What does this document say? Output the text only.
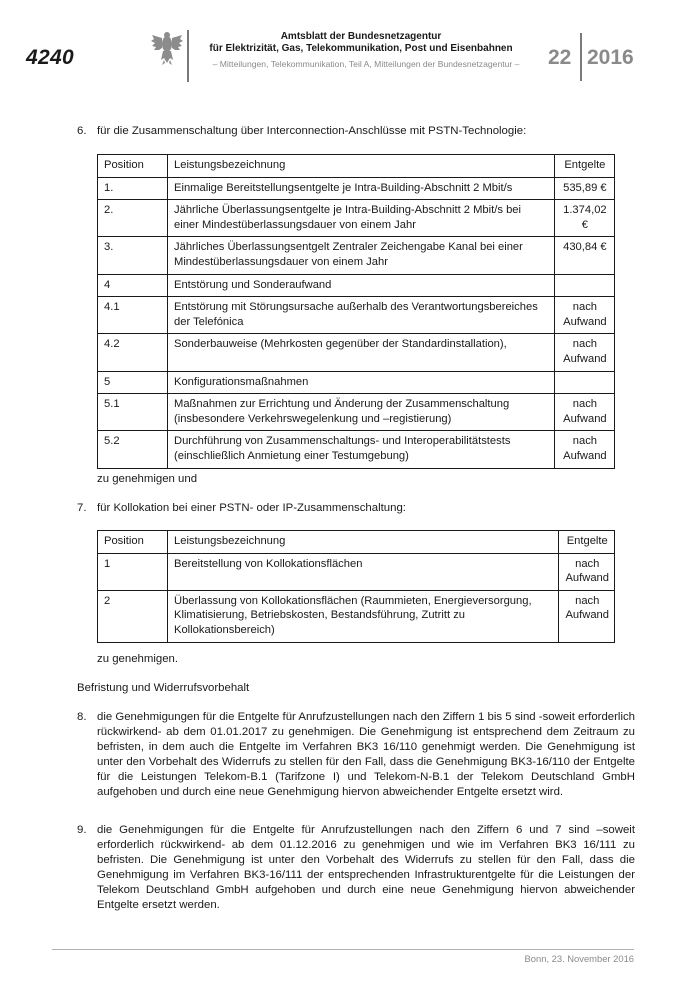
4240
Amtsblatt der Bundesnetzagentur
für Elektrizität, Gas, Telekommunikation, Post und Eisenbahnen
– Mitteilungen, Telekommunikation, Teil A, Mitteilungen der Bundesnetzagentur –	22 2016
6. für die Zusammenschaltung über Interconnection-Anschlüsse mit PSTN-Technologie:
Position	Leistungsbezeichnung	Entgelte
1.	Einmalige Bereitstellungsentgelte je Intra-Building-Abschnitt 2 Mbit/s	535,89 €

2.	Jährliche Überlassungsentgelte je Intra-Building-Abschnitt 2 Mbit/s bei einer Mindestüberlassungsdauer von einem Jahr	1.374,02 €

3.	Jährliches Überlassungsentgelt Zentraler Zeichengabe Kanal bei einer Mindestüberlassungsdauer von einem Jahr	430,84 €

4	Entstörung und Sonderaufwand	
4.1	Entstörung mit Störungsursache außerhalb des Verantwortungsbereiches der Telefónica	nach
Aufwand

4.2	Sonderbauweise (Mehrkosten gegenüber der Standardinstallation),	nach
Aufwand

5	Konfigurationsmaßnahmen	
5.1	Maßnahmen zur Errichtung und Änderung der Zusammenschaltung (insbesondere Verkehrswegelenkung und –registierung)	nach
Aufwand

5.2	Durchführung von Zusammenschaltungs- und Interoperabilitätstests (einschließlich Anmietung einer Testumgebung)	nach
Aufwand
zu genehmigen und
7. für Kollokation bei einer PSTN- oder IP-Zusammenschaltung:
Position	Leistungsbezeichnung	Entgelte
1	Bereitstellung von Kollokationsflächen	nach
Aufwand

2	Überlassung von Kollokationsflächen (Raummieten, Energieversorgung, Klimatisierung, Betriebskosten, Bestandsführung, Zutritt zu Kollokationsbereich)	nach
Aufwand
zu genehmigen.
Befristung und Widerrufsvorbehalt
8. die Genehmigungen für die Entgelte für Anrufzustellungen nach den Ziffern 1 bis 5 sind -soweit erforderlich rückwirkend- ab dem 01.01.2017 zu genehmigen. Die Genehmigung ist entsprechend dem Zeitraum zu befristen, in dem auch die Entgelte im Verfahren BK3 16/110 genehmigt werden. Die Genehmigung ist unter den Vorbehalt des Widerrufs zu stellen für den Fall, dass die Genehmigung BK3-16/110 der Entgelte für die Leistungen Telekom-B.1 (Tarifzone I) und Telekom-N-B.1 der Telekom Deutschland GmbH aufgehoben und durch eine neue Genehmigung hiervon abweichender Entgelte ersetzt wird.
9. die Genehmigungen für die Entgelte für Anrufzustellungen nach den Ziffern 6 und 7 sind –soweit erforderlich rückwirkend- ab dem 01.12.2016 zu genehmigen und wie im Verfahren BK3 16/111 zu befristen. Die Genehmigung ist unter den Vorbehalt des Widerrufs zu stellen für den Fall, dass die Genehmigung im Verfahren BK3-16/111 der entsprechenden Infrastrukturentgelte für die Leistungen der Telekom Deutschland GmbH aufgehoben und durch eine neue Genehmigung hiervon abweichender Entgelte ersetzt werden.
Bonn, 23. November 2016
